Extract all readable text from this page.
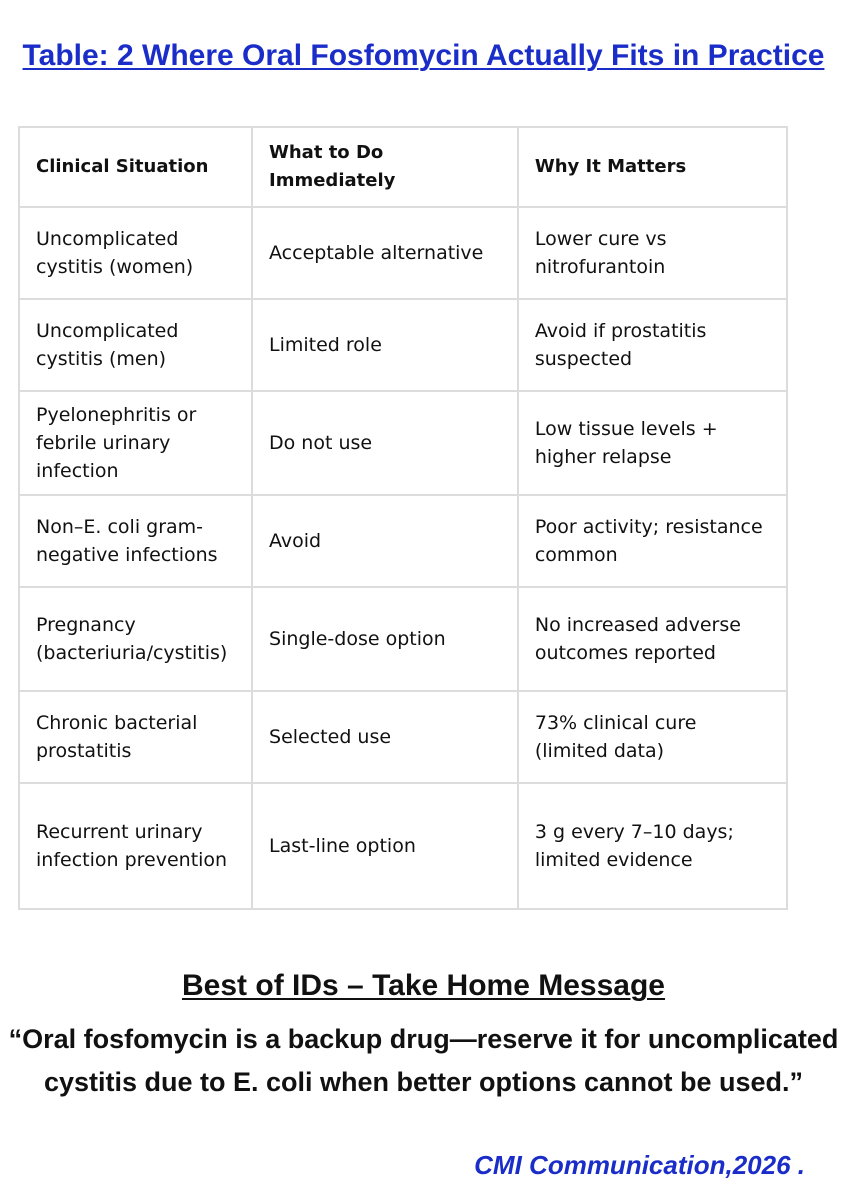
Table: 2 Where Oral Fosfomycin Actually Fits in Practice
Clinical Situation	What to Do Immediately	Why It Matters
Uncomplicated cystitis (women)	Acceptable alternative	Lower cure vs nitrofurantoin
Uncomplicated cystitis (men)	Limited role	Avoid if prostatitis suspected
Pyelonephritis or febrile urinary infection	Do not use	Low tissue levels + higher relapse
Non–E. coli gram-negative infections	Avoid	Poor activity; resistance common
Pregnancy (bacteriuria/cystitis)	Single-dose option	No increased adverse outcomes reported
Chronic bacterial prostatitis	Selected use	73% clinical cure (limited data)
Recurrent urinary infection prevention	Last-line option	3 g every 7–10 days; limited evidence
Best of IDs – Take Home Message
“Oral fosfomycin is a backup drug—reserve it for uncomplicated cystitis due to E. coli when better options cannot be used.”
CMI Communication,2026 .
